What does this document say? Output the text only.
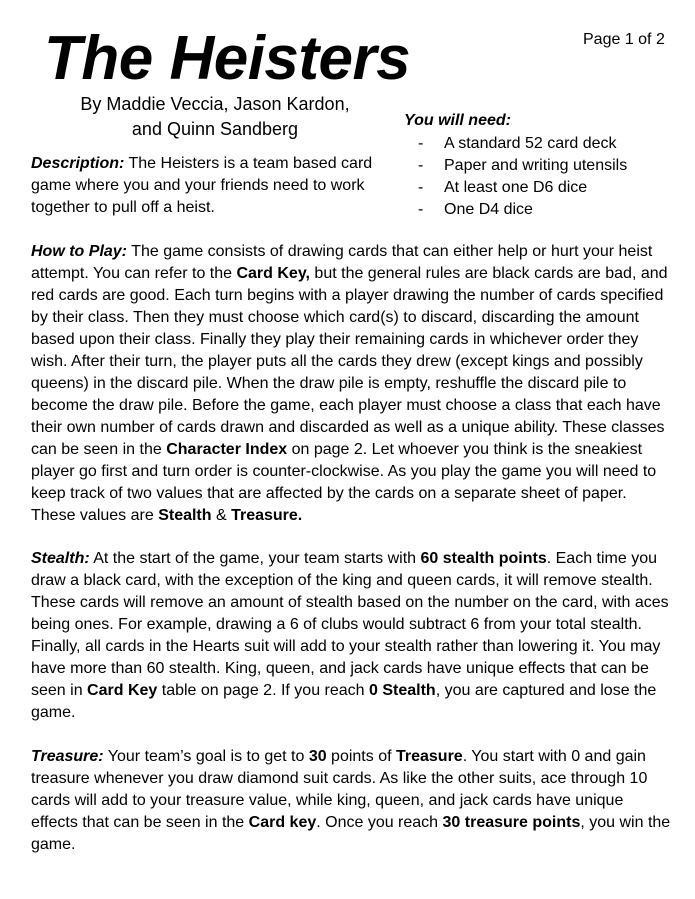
The Heisters	Page 1 of 2
By Maddie Veccia, Jason Kardon,
and Quinn Sandberg
Description: The Heisters is a team based card game where you and your friends need to work together to pull off a heist.
You will need:
- A standard 52 card deck
- Paper and writing utensils
- At least one D6 dice
- One D4 dice
How to Play: The game consists of drawing cards that can either help or hurt your heist attempt. You can refer to the Card Key, but the general rules are black cards are bad, and red cards are good. Each turn begins with a player drawing the number of cards specified by their class. Then they must choose which card(s) to discard, discarding the amount based upon their class. Finally they play their remaining cards in whichever order they wish. After their turn, the player puts all the cards they drew (except kings and possibly queens) in the discard pile. When the draw pile is empty, reshuffle the discard pile to become the draw pile. Before the game, each player must choose a class that each have their own number of cards drawn and discarded as well as a unique ability. These classes can be seen in the Character Index on page 2. Let whoever you think is the sneakiest player go first and turn order is counter-clockwise. As you play the game you will need to keep track of two values that are affected by the cards on a separate sheet of paper. These values are Stealth & Treasure.
Stealth: At the start of the game, your team starts with 60 stealth points. Each time you draw a black card, with the exception of the king and queen cards, it will remove stealth. These cards will remove an amount of stealth based on the number on the card, with aces being ones. For example, drawing a 6 of clubs would subtract 6 from your total stealth. Finally, all cards in the Hearts suit will add to your stealth rather than lowering it. You may have more than 60 stealth. King, queen, and jack cards have unique effects that can be seen in Card Key table on page 2. If you reach 0 Stealth, you are captured and lose the game.
Treasure: Your team’s goal is to get to 30 points of Treasure. You start with 0 and gain treasure whenever you draw diamond suit cards. As like the other suits, ace through 10 cards will add to your treasure value, while king, queen, and jack cards have unique effects that can be seen in the Card key. Once you reach 30 treasure points, you win the game.
